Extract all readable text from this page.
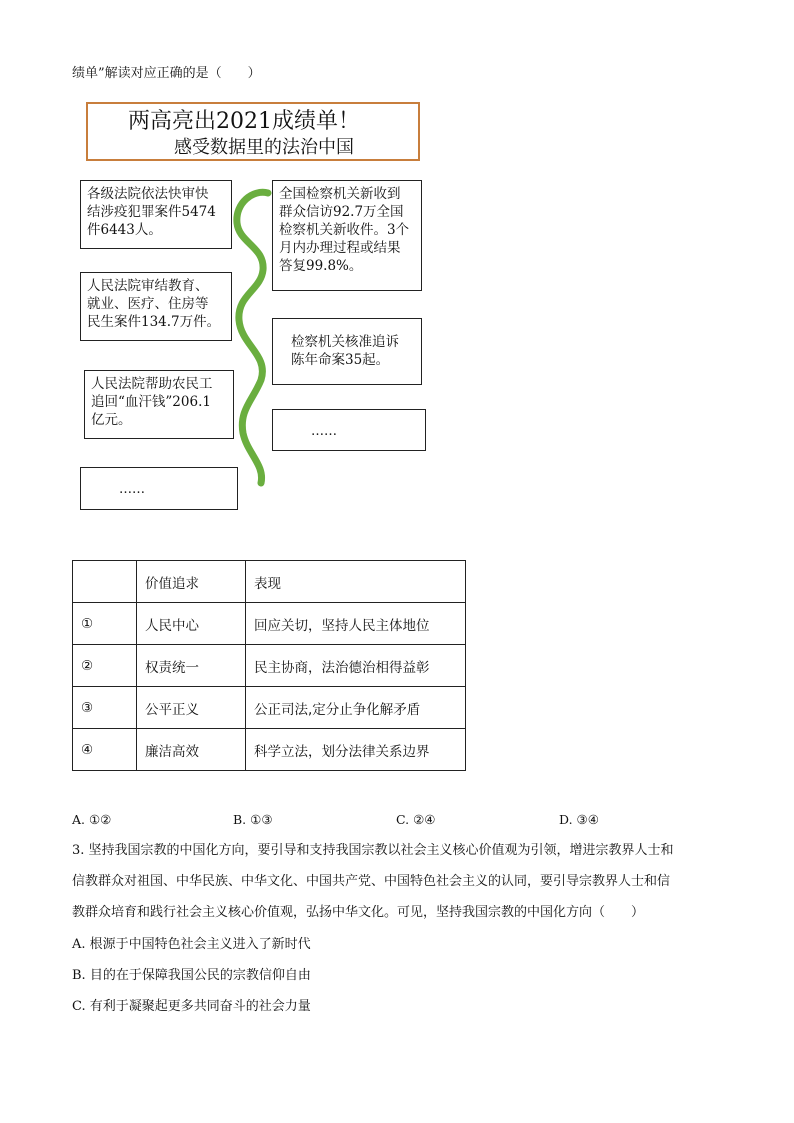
绩单”解读对应正确的是（　　）
两高亮出2021成绩单！
感受数据里的法治中国
各级法院依法快审快
结涉疫犯罪案件5474
件6443人。
人民法院审结教育、
就业、医疗、住房等
民生案件134.7万件。
人民法院帮助农民工
追回“血汗钱”206.1
亿元。
……
全国检察机关新收到
群众信访92.7万全国
检察机关新收件。3个
月内办理过程或结果
答复99.8%。
检察机关核准追诉
陈年命案35起。
……
	价值追求	表现
①	人民中心	回应关切，坚持人民主体地位
②	权责统一	民主协商，法治德治相得益彰
③	公平正义	公正司法,定分止争化解矛盾
④	廉洁高效	科学立法，划分法律关系边界
A. ①②	B. ①③	C. ②④	D. ③④
3. 坚持我国宗教的中国化方向，要引导和支持我国宗教以社会主义核心价值观为引领，增进宗教界人士和
信教群众对祖国、中华民族、中华文化、中国共产党、中国特色社会主义的认同，要引导宗教界人士和信
教群众培育和践行社会主义核心价值观，弘扬中华文化。可见，坚持我国宗教的中国化方向（　　）
A. 根源于中国特色社会主义进入了新时代
B. 目的在于保障我国公民的宗教信仰自由
C. 有利于凝聚起更多共同奋斗的社会力量
